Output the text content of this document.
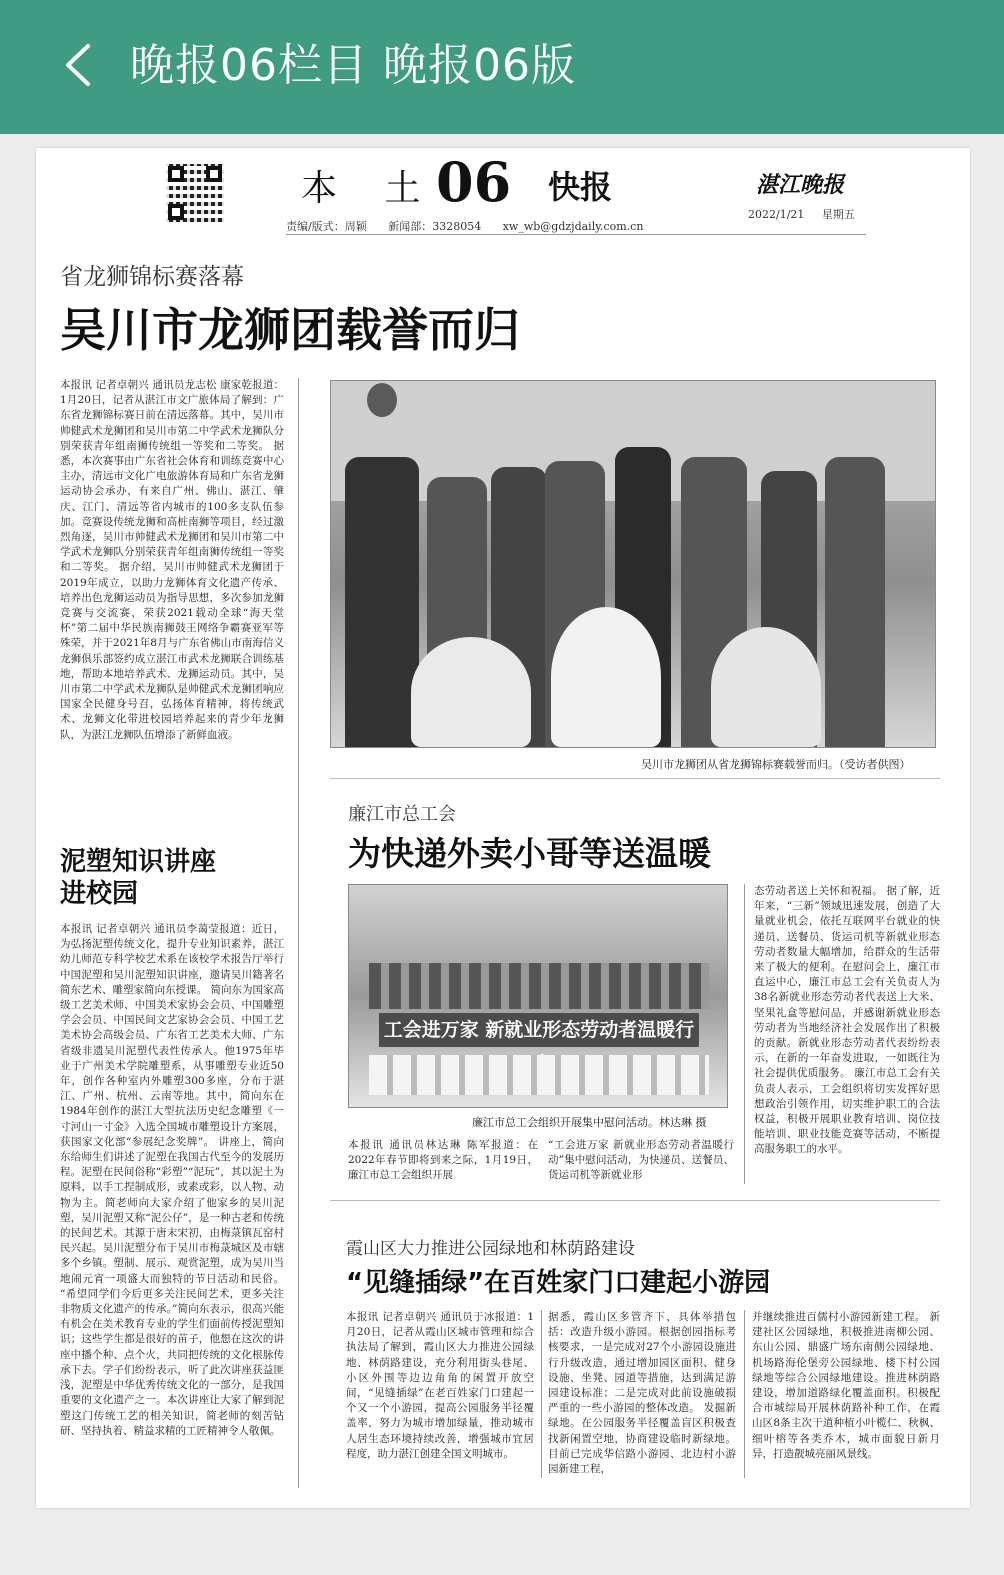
晚报06栏目 晚报06版
本 土
06 快报	湛江晚报
2022/1/21 星期五
责编/版式：周颖 新闻部：3328054 xw_wb@gdzjdaily.com.cn
省龙狮锦标赛落幕
吴川市龙狮团载誉而归
本报讯 记者卓朝兴 通讯员龙志松 康家乾报道：1月20日，记者从湛江市文广旅体局了解到：广东省龙狮锦标赛日前在清远落幕。其中，吴川市帅健武术龙狮团和吴川市第二中学武术龙狮队分别荣获青年组南狮传统组一等奖和二等奖。 据悉，本次赛事由广东省社会体育和训练竞赛中心主办，清远市文化广电旅游体育局和广东省龙狮运动协会承办，有来自广州、佛山、湛江、肇庆、江门、清远等省内城市的100多支队伍参加。竞赛设传统龙狮和高桩南狮等项目，经过激烈角逐，吴川市帅健武术龙狮团和吴川市第二中学武术龙狮队分别荣获青年组南狮传统组一等奖和二等奖。 据介绍，吴川市帅健武术龙狮团于2019年成立，以助力龙狮体育文化遗产传承、培养出色龙狮运动员为指导思想，多次参加龙狮竞赛与交流赛，荣获2021载动全球“海天堂杯”第二届中华民族南狮鼓王网络争霸赛亚军等殊荣，并于2021年8月与广东省佛山市南海信义龙狮俱乐部签约成立湛江市武术龙狮联合训练基地，帮助本地培养武术、龙狮运动员。其中，吴川市第二中学武术龙狮队是帅健武术龙狮团响应国家全民健身号召，弘扬体育精神，将传统武术、龙狮文化带进校园培养起来的青少年龙狮队，为湛江龙狮队伍增添了新鲜血液。
吴川市龙狮团从省龙狮锦标赛载誉而归。（受访者供图）
泥塑知识讲座
进校园
本报讯 记者卓朝兴 通讯员李蔼莹报道：近日，为弘扬泥塑传统文化，提升专业知识素养，湛江幼儿师范专科学校艺术系在该校学术报告厅举行中国泥塑和吴川泥塑知识讲座，邀请吴川籍著名简东艺术、雕塑家简向东授课。 简向东为国家高级工艺美术师、中国美术家协会会员、中国雕塑学会会员、中国民间文艺家协会会员、中国工艺美术协会高级会员、广东省工艺美术大师、广东省级非遗吴川泥塑代表性传承人。他1975年毕业于广州美术学院雕塑系，从事雕塑专业近50年，创作各种室内外雕塑300多座，分布于湛江、广州、杭州、云南等地。其中，简向东在1984年创作的湛江大型抗法历史纪念雕塑《一寸河山一寸金》入选全国城市雕塑设计方案展，获国家文化部“参展纪念奖牌”。 讲座上，简向东给师生们讲述了泥塑在我国古代至今的发展历程。泥塑在民间俗称“彩塑”“泥玩”，其以泥土为原料，以手工捏制成形，或素或彩，以人物、动物为主。简老师向大家介绍了他家乡的吴川泥塑，吴川泥塑又称“泥公仔”，是一种古老和传统的民间艺术。其源于唐末宋初，由梅菉镇瓦窑村民兴起。吴川泥塑分布于吴川市梅菉城区及市辖多个乡镇。塑制、展示、观赏泥塑，成为吴川当地闹元宵一项盛大而独特的节日活动和民俗。 “希望同学们今后更多关注民间艺术，更多关注非物质文化遗产的传承。”简向东表示，很高兴能有机会在美术教育专业的学生们面前传授泥塑知识；这些学生都是很好的苗子，他想在这次的讲座中播个种、点个火，共同把传统的文化根脉传承下去。学子们纷纷表示，听了此次讲座获益匪浅，泥塑是中华优秀传统文化的一部分，是我国重要的文化遗产之一。本次讲座让大家了解到泥塑这门传统工艺的相关知识，简老师的刻苦钻研、坚持执着、精益求精的工匠精神令人敬佩。
廉江市总工会
为快递外卖小哥等送温暖
工会进万家 新就业形态劳动者温暖行
廉江市总工会组织开展集中慰问活动。林达琳 摄
本报讯 通讯员林达琳 陈军报道：在2022年春节即将到来之际，1月19日，廉江市总工会组织开展
“工会进万家 新就业形态劳动者温暖行动”集中慰问活动，为快递员、送餐员、货运司机等新就业形
态劳动者送上关怀和祝福。 据了解，近年来，“三新”领域迅速发展，创造了大量就业机会，依托互联网平台就业的快递员、送餐员、货运司机等新就业形态劳动者数量大幅增加，给群众的生活带来了极大的便利。在慰问会上，廉江市直运中心，廉江市总工会有关负责人为38名新就业形态劳动者代表送上大米、坚果礼盒等慰问品，并感谢新就业形态劳动者为当地经济社会发展作出了积极的贡献。新就业形态劳动者代表纷纷表示，在新的一年奋发进取，一如既往为社会提供优质服务。 廉江市总工会有关负责人表示，工会组织将切实发挥好思想政治引领作用，切实维护职工的合法权益，积极开展职业教育培训、岗位技能培训、职业技能竞赛等活动，不断提高服务职工的水平。
霞山区大力推进公园绿地和林荫路建设
“见缝插绿”在百姓家门口建起小游园
本报讯 记者卓朝兴 通讯员于冰报道：1月20日，记者从霞山区城市管理和综合执法局了解到，霞山区大力推进公园绿地、林荫路建设，充分利用街头巷尾、小区外围等边边角角的闲置开放空间，“见缝插绿”在老百姓家门口建起一个又一个小游园，提高公园服务半径覆盖率，努力为城市增加绿量，推动城市人居生态环境持续改善，增强城市宜居程度，助力湛江创建全国文明城市。
据悉，霞山区多管齐下，具体举措包括：改造升级小游园。根据创园指标考核要求，一是完成对27个小游园设施进行升级改造，通过增加园区面积、健身设施、坐凳、园道等措施，达到满足游园建设标准；二是完成对此前设施破损严重的一些小游园的整体改造。 发掘新绿地。在公园服务半径覆盖盲区积极查找新闲置空地，协商建设临时新绿地。目前已完成华信路小游园、北边村小游园新建工程，
并继续推进百儒村小游园新建工程。 新建社区公园绿地，积极推进南柳公园、东山公园、鼎盛广场东南侧公园绿地、机场路海伦堡旁公园绿地、楼下村公园绿地等综合公园绿地建设。推进林荫路建设，增加道路绿化覆盖面积。积极配合市城综局开展林荫路补种工作，在霞山区8条主次干道种植小叶榄仁、秋枫、细叶榕等各类乔木，城市面貌日新月异，打造靓城亮丽风景线。
